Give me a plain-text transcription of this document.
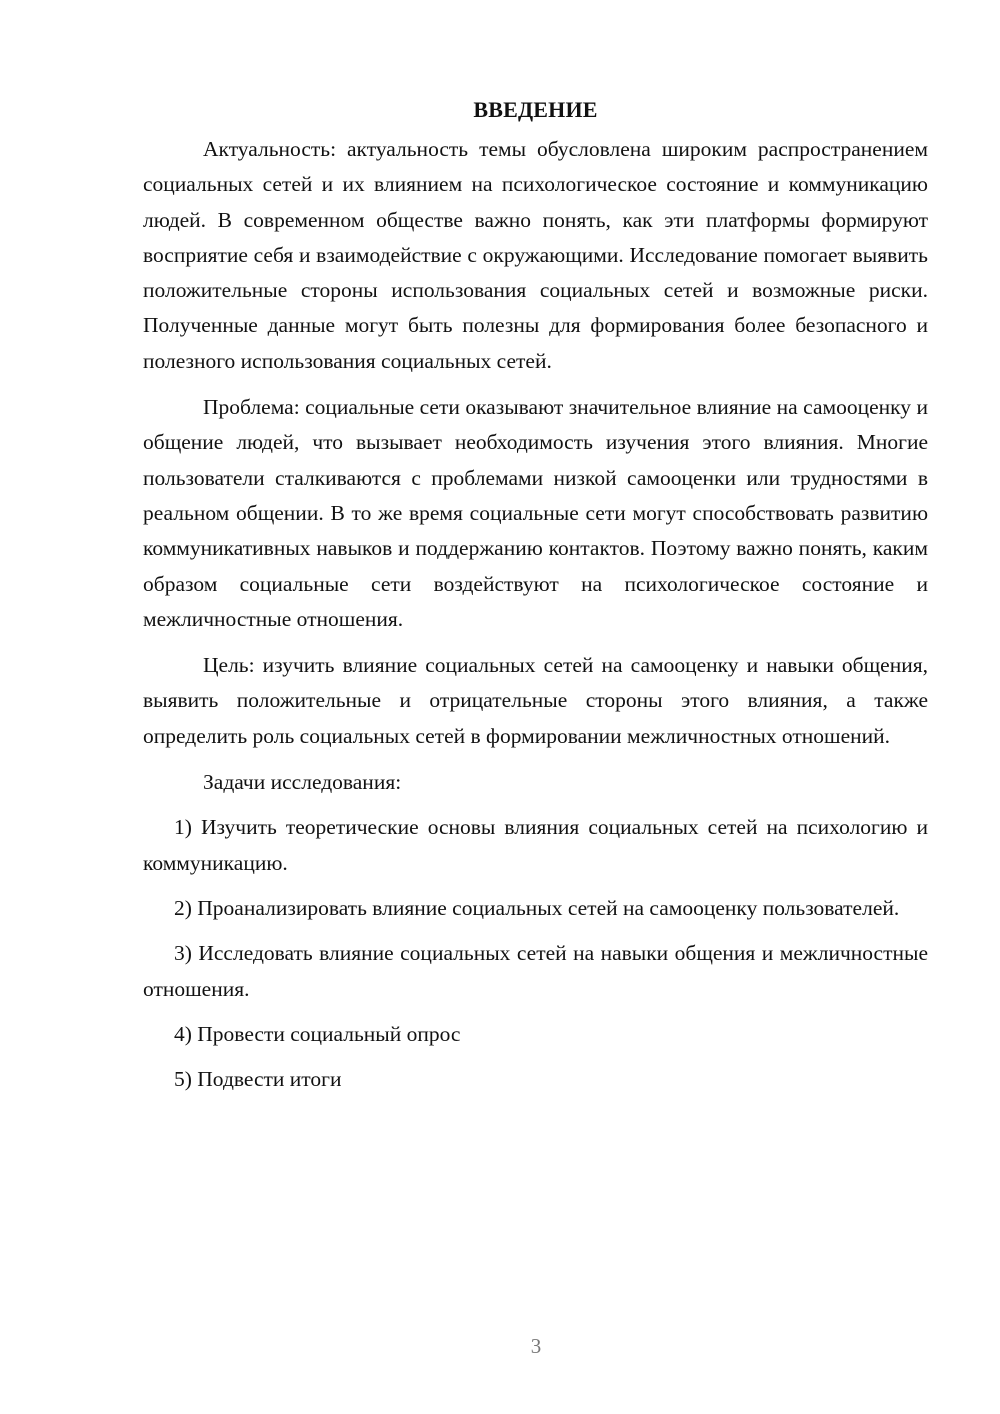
ВВЕДЕНИЕ

Актуальность: актуальность темы обусловлена широким распространением социальных сетей и их влиянием на психологическое состояние и коммуникацию людей. В современном обществе важно понять, как эти платформы формируют восприятие себя и взаимодействие с окружающими. Исследование помогает выявить положительные стороны использования социальных сетей и возможные риски. Полученные данные могут быть полезны для формирования более безопасного и полезного использования социальных сетей.

Проблема: социальные сети оказывают значительное влияние на самооценку и общение людей, что вызывает необходимость изучения этого влияния. Многие пользователи сталкиваются с проблемами низкой самооценки или трудностями в реальном общении. В то же время социальные сети могут способствовать развитию коммуникативных навыков и поддержанию контактов. Поэтому важно понять, каким образом социальные сети воздействуют на психологическое состояние и межличностные отношения.

Цель: изучить влияние социальных сетей на самооценку и навыки общения, выявить положительные и отрицательные стороны этого влияния, а также определить роль социальных сетей в формировании межличностных отношений.

Задачи исследования:

1) Изучить теоретические основы влияния социальных сетей на психологию и коммуникацию.

2) Проанализировать влияние социальных сетей на самооценку пользователей.

3) Исследовать влияние социальных сетей на навыки общения и межличностные отношения.

4) Провести социальный опрос

5) Подвести итоги

3
